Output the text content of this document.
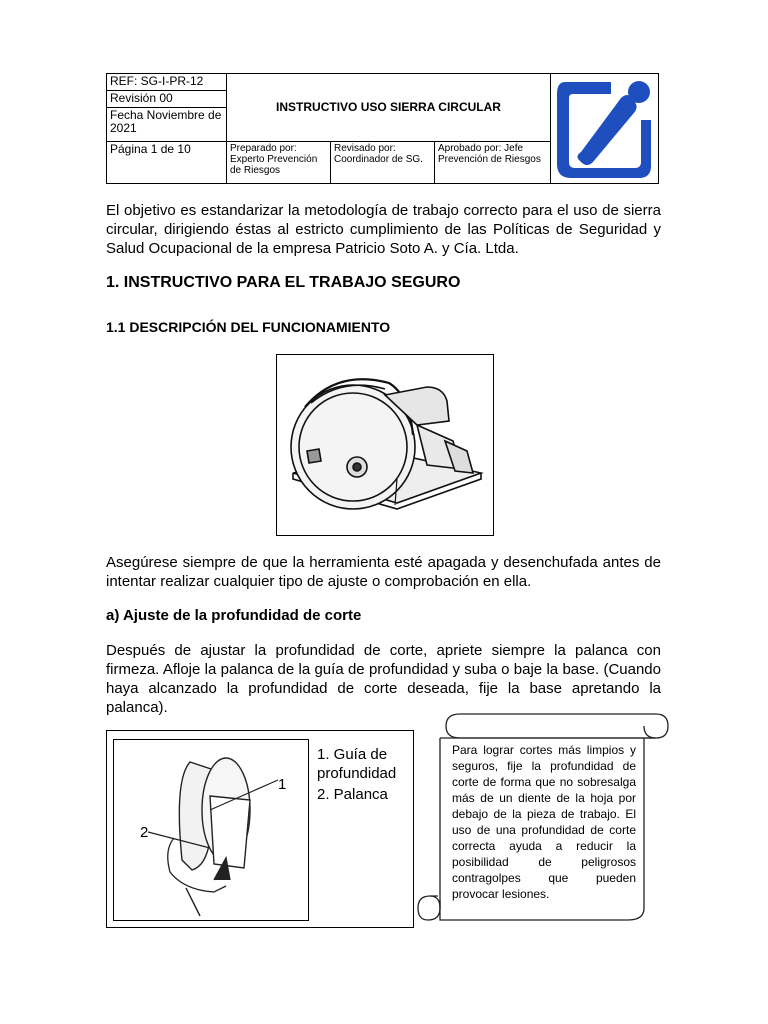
REF: SG-I-PR-12	INSTRUCTIVO USO SIERRA CIRCULAR		
Revisión 00			
Fecha Noviembre de 2021			
Página 1 de 10	Preparado por: Experto Prevención de Riesgos	Revisado por: Coordinador de SG.	Aprobado por: Jefe Prevención de Riesgos
El objetivo es estandarizar la metodología de trabajo correcto para el uso de sierra circular, dirigiendo éstas al estricto cumplimiento de las Políticas de Seguridad y Salud Ocupacional de la empresa Patricio Soto A. y Cía. Ltda.
1. INSTRUCTIVO PARA EL TRABAJO SEGURO
1.1 DESCRIPCIÓN DEL FUNCIONAMIENTO
Asegúrese siempre de que la herramienta esté apagada y desenchufada antes de intentar realizar cualquier tipo de ajuste o comprobación en ella.
a) Ajuste de la profundidad de corte
Después de ajustar la profundidad de corte, apriete siempre la palanca con firmeza. Afloje la palanca de la guía de profundidad y suba o baje la base. (Cuando haya alcanzado la profundidad de corte deseada, fije la base apretando la palanca).
2
1
1. Guía de profundidad
2. Palanca
Para lograr cortes más limpios y seguros, fije la profundidad de corte de forma que no sobresalga más de un diente de la hoja por debajo de la pieza de trabajo. El uso de una profundidad de corte correcta ayuda a reducir la posibilidad de peligrosos contragolpes que pueden provocar lesiones.
